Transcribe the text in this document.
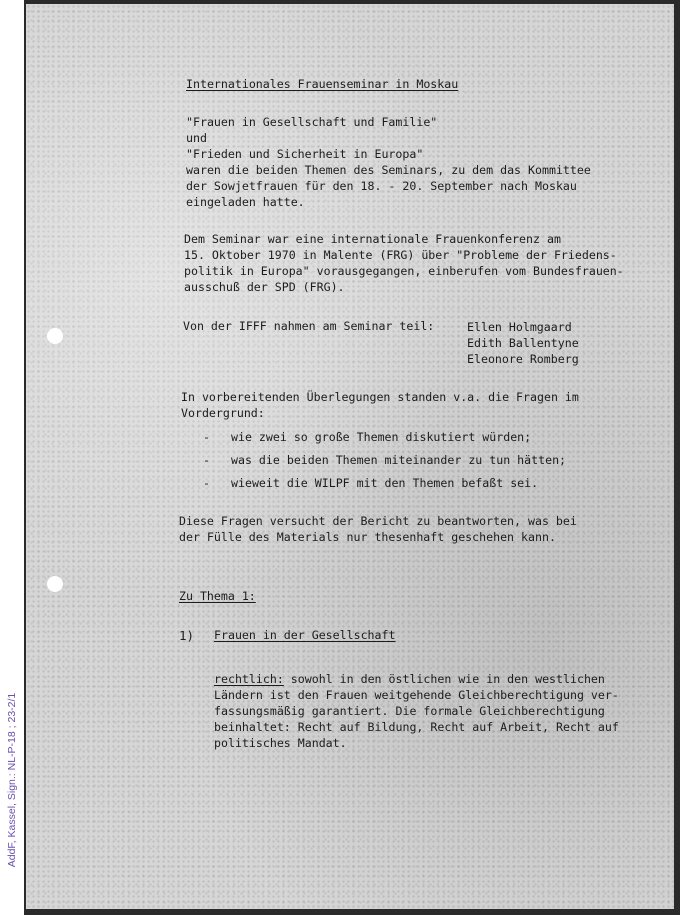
AddF, Kassel, Sign.: NL-P-18 ; 23-2/1
Internationales Frauenseminar in Moskau
"Frauen in Gesellschaft und Familie"
und
"Frieden und Sicherheit in Europa"
waren die beiden Themen des Seminars, zu dem das Kommittee
der Sowjetfrauen für den 18. - 20. September nach Moskau
eingeladen hatte.
Dem Seminar war eine internationale Frauenkonferenz am
15. Oktober 1970 in Malente (FRG) über "Probleme der Friedens-
politik in Europa" vorausgegangen, einberufen vom Bundesfrauen-
ausschuß der SPD (FRG).
Von der IFFF nahmen am Seminar teil:	Ellen Holmgaard
Edith Ballentyne
Eleonore Romberg
In vorbereitenden Überlegungen standen v.a. die Fragen im
Vordergrund:
- wie zwei so große Themen diskutiert würden;
- was die beiden Themen miteinander zu tun hätten;
- wieweit die WILPF mit den Themen befaßt sei.
Diese Fragen versucht der Bericht zu beantworten, was bei
der Fülle des Materials nur thesenhaft geschehen kann.
Zu Thema 1:
1) Frauen in der Gesellschaft
rechtlich: sowohl in den östlichen wie in den westlichen
Ländern ist den Frauen weitgehende Gleichberechtigung ver-
fassungsmäßig garantiert. Die formale Gleichberechtigung
beinhaltet: Recht auf Bildung, Recht auf Arbeit, Recht auf
politisches Mandat.
